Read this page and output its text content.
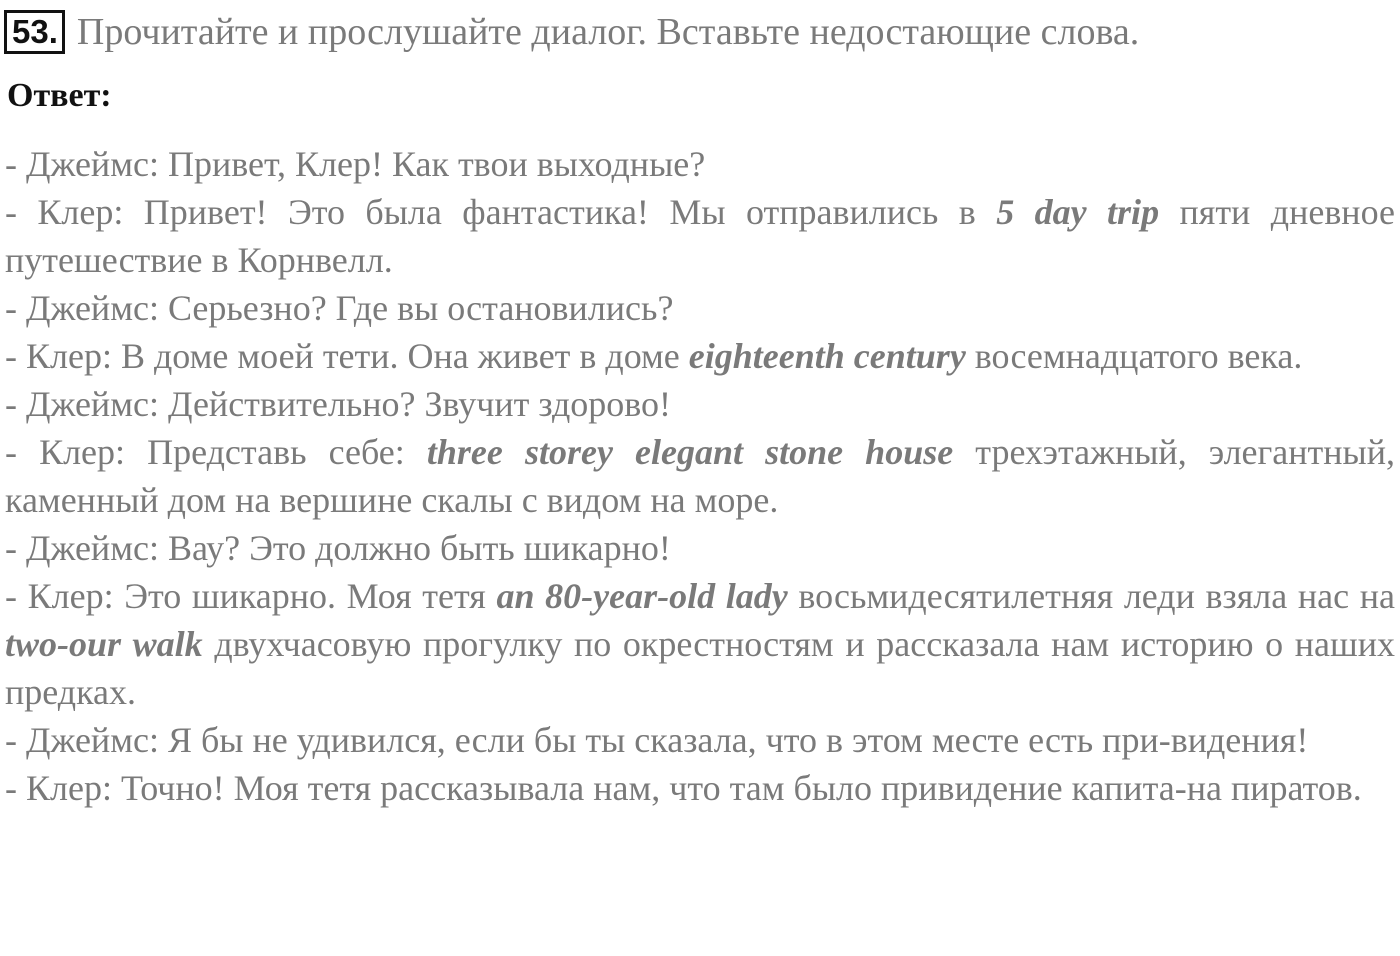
53. Прочитайте и прослушайте диалог. Вставьте недостающие слова.
Ответ:

- Джеймс: Привет, Клер! Как твои выходные?

- Клер: Привет! Это была фантастика! Мы отправились в 5 day trip пяти дневное путешествие в Корнвелл.

- Джеймс: Серьезно? Где вы остановились?

- Клер: В доме моей тети. Она живет в доме eighteenth century восемнадцатого века.

- Джеймс: Действительно? Звучит здорово!

- Клер: Представь себе: three storey elegant stone house трехэтажный, элегантный, каменный дом на вершине скалы с видом на море.

- Джеймс: Вау? Это должно быть шикарно!

- Клер: Это шикарно. Моя тетя an 80-year-old lady восьмидесятилетняя леди взяла нас на two-our walk двухчасовую прогулку по окрестностям и рассказала нам историю о наших предках.

- Джеймс: Я бы не удивился, если бы ты сказала, что в этом месте есть при-видения!

- Клер: Точно! Моя тетя рассказывала нам, что там было привидение капита-на пиратов.
